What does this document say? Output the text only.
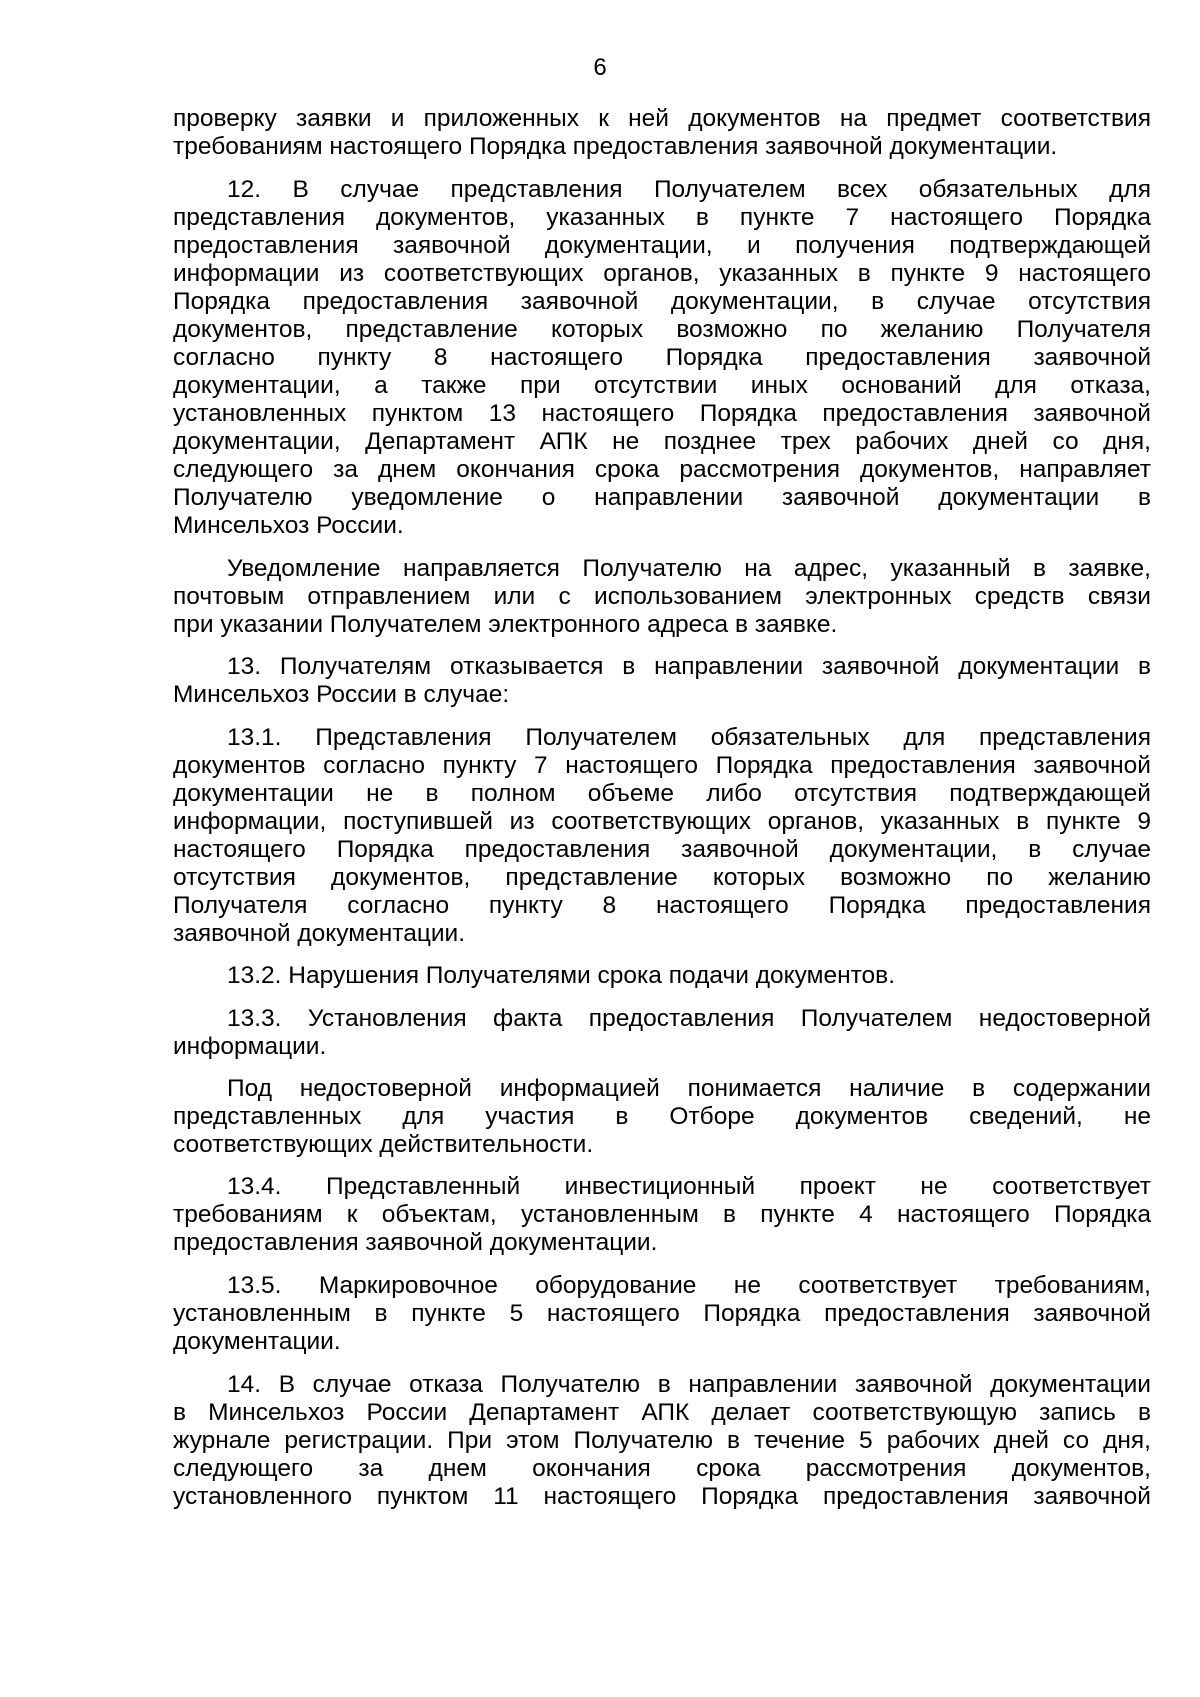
6
проверку заявки и приложенных к ней документов на предмет соответствия
требованиям настоящего Порядка предоставления заявочной документации.
12. В случае представления Получателем всех обязательных для
представления документов, указанных в пункте 7 настоящего Порядка
предоставления заявочной документации, и получения подтверждающей
информации из соответствующих органов, указанных в пункте 9 настоящего
Порядка предоставления заявочной документации, в случае отсутствия
документов, представление которых возможно по желанию Получателя
согласно пункту 8 настоящего Порядка предоставления заявочной
документации, а также при отсутствии иных оснований для отказа,
установленных пунктом 13 настоящего Порядка предоставления заявочной
документации, Департамент АПК не позднее трех рабочих дней со дня,
следующего за днем окончания срока рассмотрения документов, направляет
Получателю уведомление о направлении заявочной документации в
Минсельхоз России.
Уведомление направляется Получателю на адрес, указанный в заявке,
почтовым отправлением или с использованием электронных средств связи
при указании Получателем электронного адреса в заявке.
13. Получателям отказывается в направлении заявочной документации в
Минсельхоз России в случае:
13.1. Представления Получателем обязательных для представления
документов согласно пункту 7 настоящего Порядка предоставления заявочной
документации не в полном объеме либо отсутствия подтверждающей
информации, поступившей из соответствующих органов, указанных в пункте 9
настоящего Порядка предоставления заявочной документации, в случае
отсутствия документов, представление которых возможно по желанию
Получателя согласно пункту 8 настоящего Порядка предоставления
заявочной документации.
13.2. Нарушения Получателями срока подачи документов.
13.3. Установления факта предоставления Получателем недостоверной
информации.
Под недостоверной информацией понимается наличие в содержании
представленных для участия в Отборе документов сведений, не
соответствующих действительности.
13.4. Представленный инвестиционный проект не соответствует
требованиям к объектам, установленным в пункте 4 настоящего Порядка
предоставления заявочной документации.
13.5. Маркировочное оборудование не соответствует требованиям,
установленным в пункте 5 настоящего Порядка предоставления заявочной
документации.
14. В случае отказа Получателю в направлении заявочной документации
в Минсельхоз России Департамент АПК делает соответствующую запись в
журнале регистрации. При этом Получателю в течение 5 рабочих дней со дня,
следующего за днем окончания срока рассмотрения документов,
установленного пунктом 11 настоящего Порядка предоставления заявочной
